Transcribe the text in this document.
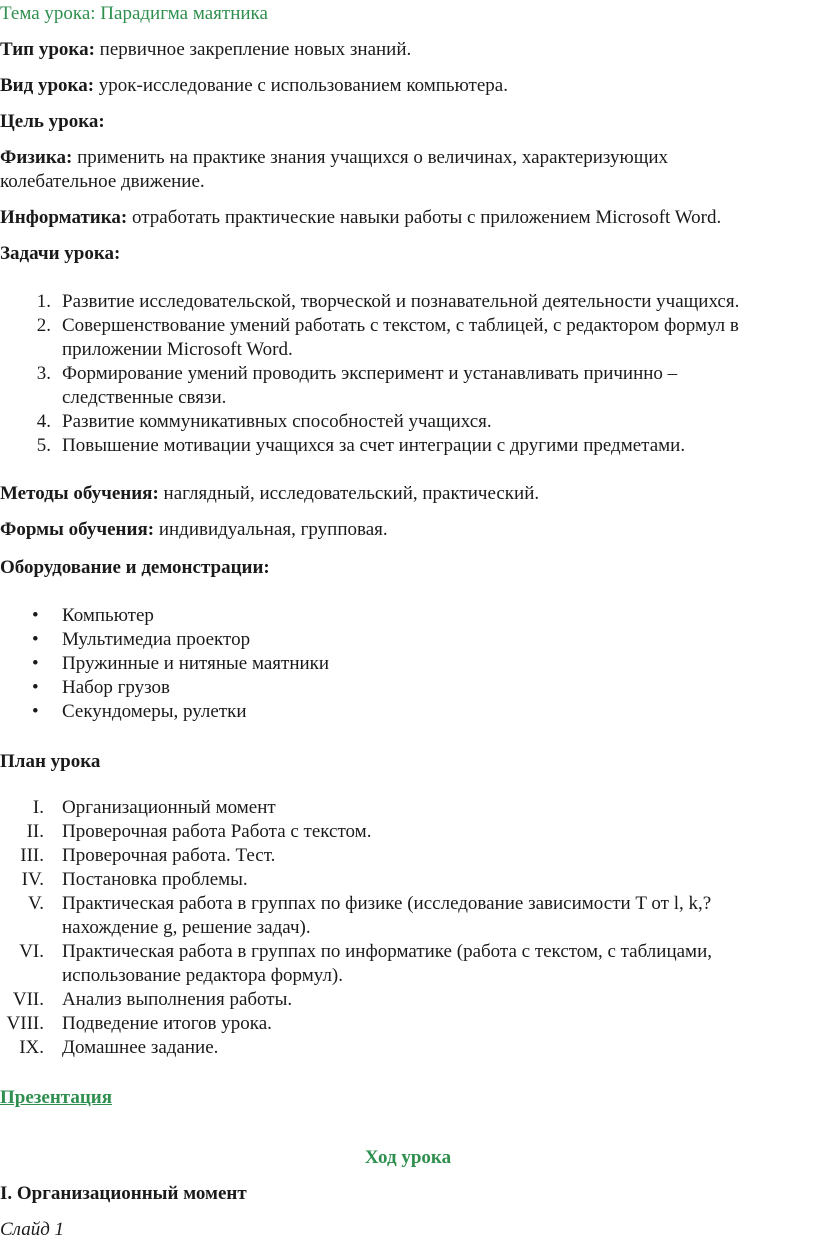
Тема урока: Парадигма маятника

Тип урока: первичное закрепление новых знаний.

Вид урока: урок-исследование с использованием компьютера.

Цель урока:

Физика: применить на практике знания учащихся о величинах, характеризующих

колебательное движение.

Информатика: отработать практические навыки работы с приложением Microsoft Word.

Задачи урока:

1. Развитие исследовательской, творческой и познавательной деятельности учащихся.
2. Совершенствование умений работать с текстом, с таблицей, с редактором формул в
приложении Microsoft Word.
3. Формирование умений проводить эксперимент и устанавливать причинно –
следственные связи.
4. Развитие коммуникативных способностей учащихся.
5. Повышение мотивации учащихся за счет интеграции с другими предметами.

Методы обучения: наглядный, исследовательский, практический.

Формы обучения: индивидуальная, групповая.

Оборудование и демонстрации:

• Компьютер
• Мультимедиа проектор
• Пружинные и нитяные маятники
• Набор грузов
• Секундомеры, рулетки

План урока

I. Организационный момент
II. Проверочная работа Работа с текстом.
III. Проверочная работа. Тест.
IV. Постановка проблемы.
V. Практическая работа в группах по физике (исследование зависимости T от l, k,?
нахождение g, решение задач).
VI. Практическая работа в группах по информатике (работа с текстом, с таблицами,
использование редактора формул).
VII. Анализ выполнения работы.
VIII. Подведение итогов урока.
IX. Домашнее задание.

Презентация

Ход урока

I. Организационный момент

Слайд 1
